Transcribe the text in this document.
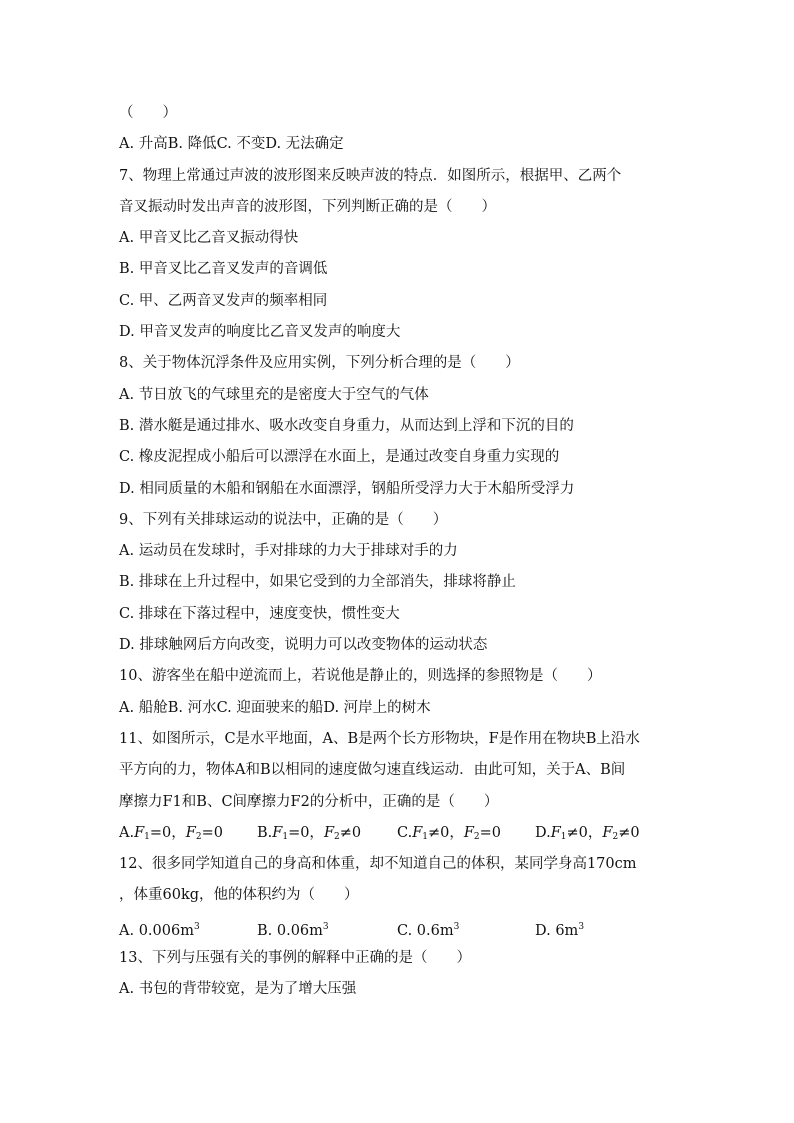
（　　）
A. 升高B. 降低C. 不变D. 无法确定
7、物理上常通过声波的波形图来反映声波的特点．如图所示，根据甲、乙两个
音叉振动时发出声音的波形图，下列判断正确的是（　　）
A. 甲音叉比乙音叉振动得快
B. 甲音叉比乙音叉发声的音调低
C. 甲、乙两音叉发声的频率相同
D. 甲音叉发声的响度比乙音叉发声的响度大
8、关于物体沉浮条件及应用实例，下列分析合理的是（　　）
A. 节日放飞的气球里充的是密度大于空气的气体
B. 潜水艇是通过排水、吸水改变自身重力，从而达到上浮和下沉的目的
C. 橡皮泥捏成小船后可以漂浮在水面上，是通过改变自身重力实现的
D. 相同质量的木船和钢船在水面漂浮，钢船所受浮力大于木船所受浮力
9、下列有关排球运动的说法中，正确的是（　　）
A. 运动员在发球时，手对排球的力大于排球对手的力
B. 排球在上升过程中，如果它受到的力全部消失，排球将静止
C. 排球在下落过程中，速度变快，惯性变大
D. 排球触网后方向改变，说明力可以改变物体的运动状态
10、游客坐在船中逆流而上，若说他是静止的，则选择的参照物是（　　）
A. 船舱B. 河水C. 迎面驶来的船D. 河岸上的树木
11、如图所示，C是水平地面，A、B是两个长方形物块，F是作用在物块B上沿水
平方向的力，物体A和B以相同的速度做匀速直线运动．由此可知，关于A、B间
摩擦力F1和B、C间摩擦力F2的分析中，正确的是（　　）
$A.F_1=0$，$F_2=0$	$B.F_1=0$，$F_2\ne 0$	$C.F_1\ne 0$，$F_2=0$	$D.F_1\ne 0$，$F_2\ne 0$
12、很多同学知道自己的身高和体重，却不知道自己的体积，某同学身高170cm
，体重60kg，他的体积约为（　　）
A. $0.006m^3$	B. $0.06m^3$	C. $0.6m^3$	D. $6m^3$
13、下列与压强有关的事例的解释中正确的是（　　）
A. 书包的背带较宽，是为了增大压强
